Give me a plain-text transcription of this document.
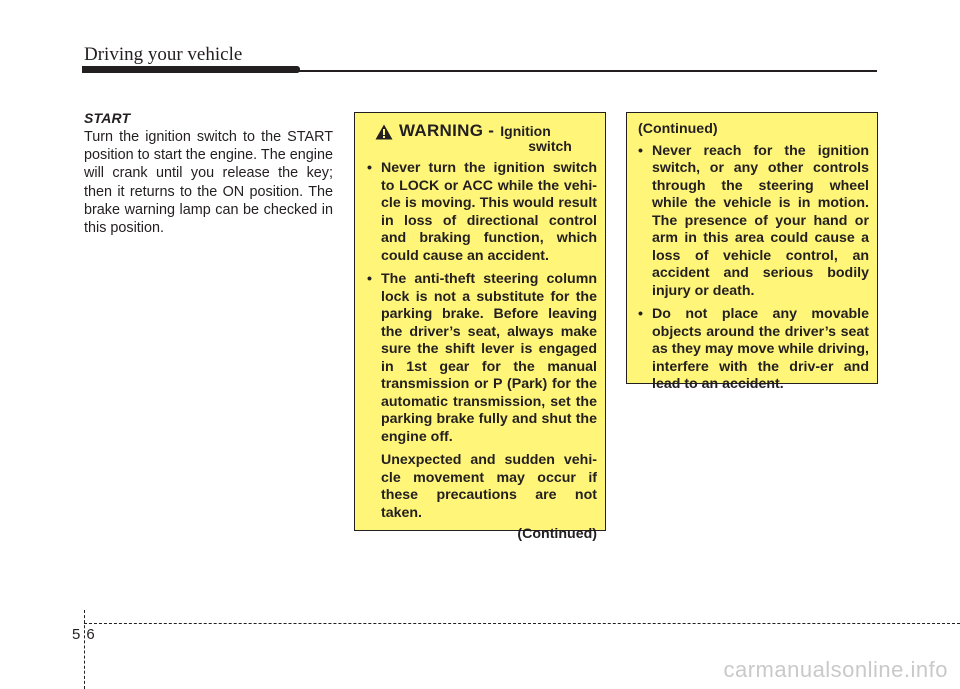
Driving your vehicle
START
Turn the ignition switch to the START position to start the engine. The engine will crank until you release the key; then it returns to the ON position. The brake warning lamp can be checked in this position.
WARNING - Ignition
switch
• Never turn the ignition switch to LOCK or ACC while the vehi-cle is moving. This would result in loss of directional control and braking function, which could cause an accident.
• The anti-theft steering column lock is not a substitute for the parking brake. Before leaving the driver’s seat, always make sure the shift lever is engaged in 1st gear for the manual transmission or P (Park) for the automatic transmission, set the parking brake fully and shut the engine off.
Unexpected and sudden vehi-cle movement may occur if these precautions are not taken.
(Continued)
(Continued)
• Never reach for the ignition switch, or any other controls through the steering wheel while the vehicle is in motion. The presence of your hand or arm in this area could cause a loss of vehicle control, an accident and serious bodily injury or death.
• Do not place any movable objects around the driver’s seat as they may move while driving, interfere with the driv-er and lead to an accident.
56
carmanualsonline.info
